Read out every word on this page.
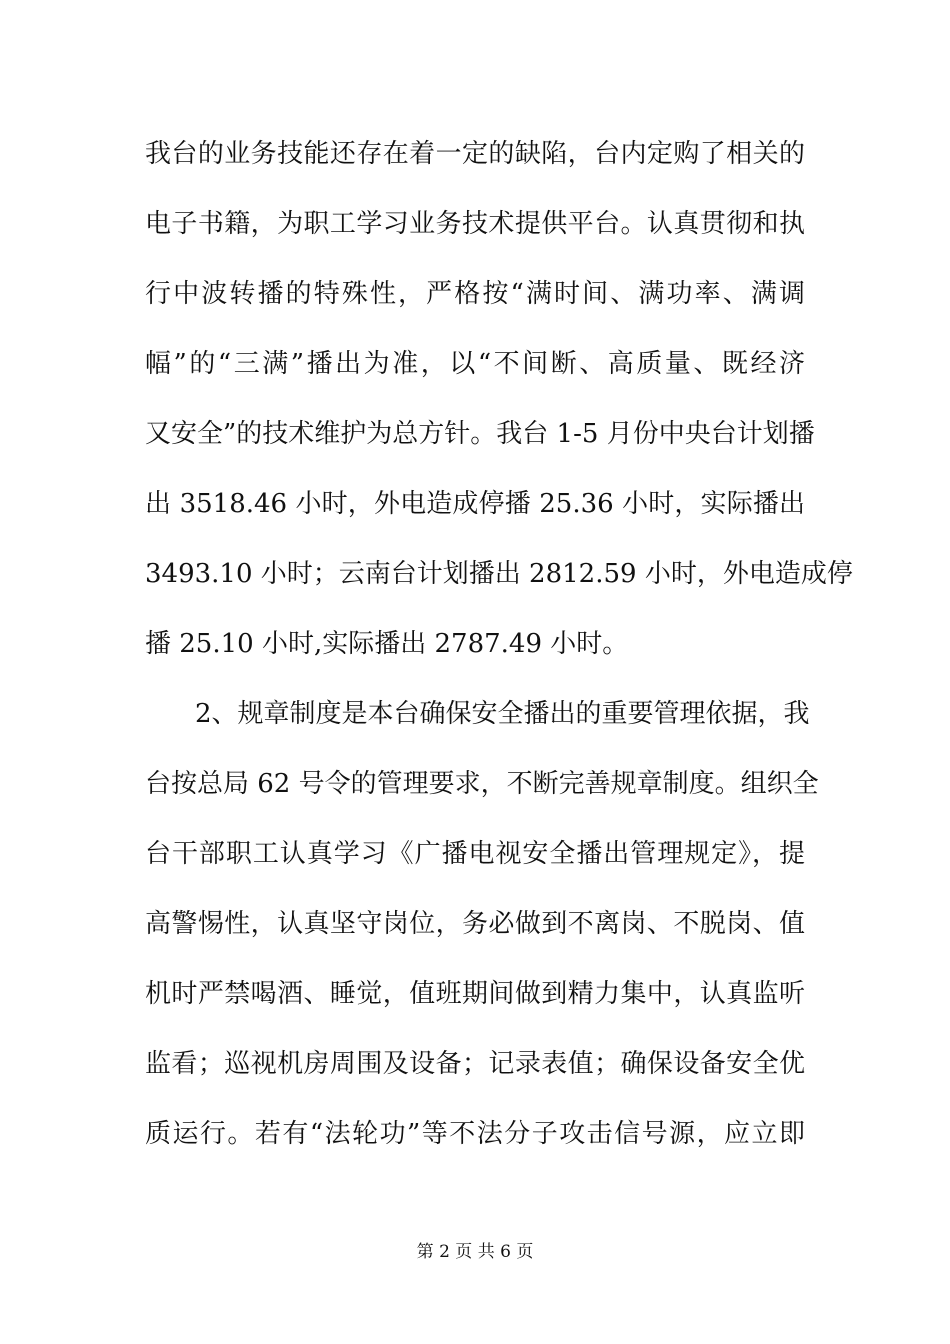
我台的业务技能还存在着一定的缺陷，台内定购了相关的
电子书籍，为职工学习业务技术提供平台。认真贯彻和执
行中波转播的特殊性，严格按“满时间、满功率、满调
幅”的“三满”播出为准，以“不间断、高质量、既经济
又安全”的技术维护为总方针。我台 1-5 月份中央台计划播
出 3518.46 小时，外电造成停播 25.36 小时，实际播出
3493.10 小时；云南台计划播出 2812.59 小时，外电造成停
播 25.10 小时,实际播出 2787.49 小时。
2、规章制度是本台确保安全播出的重要管理依据，我
台按总局 62 号令的管理要求，不断完善规章制度。组织全
台干部职工认真学习《广播电视安全播出管理规定》，提
高警惕性，认真坚守岗位，务必做到不离岗、不脱岗、值
机时严禁喝酒、睡觉，值班期间做到精力集中，认真监听
监看；巡视机房周围及设备；记录表值；确保设备安全优
质运行。若有“法轮功”等不法分子攻击信号源，应立即
第 2 页 共 6 页
